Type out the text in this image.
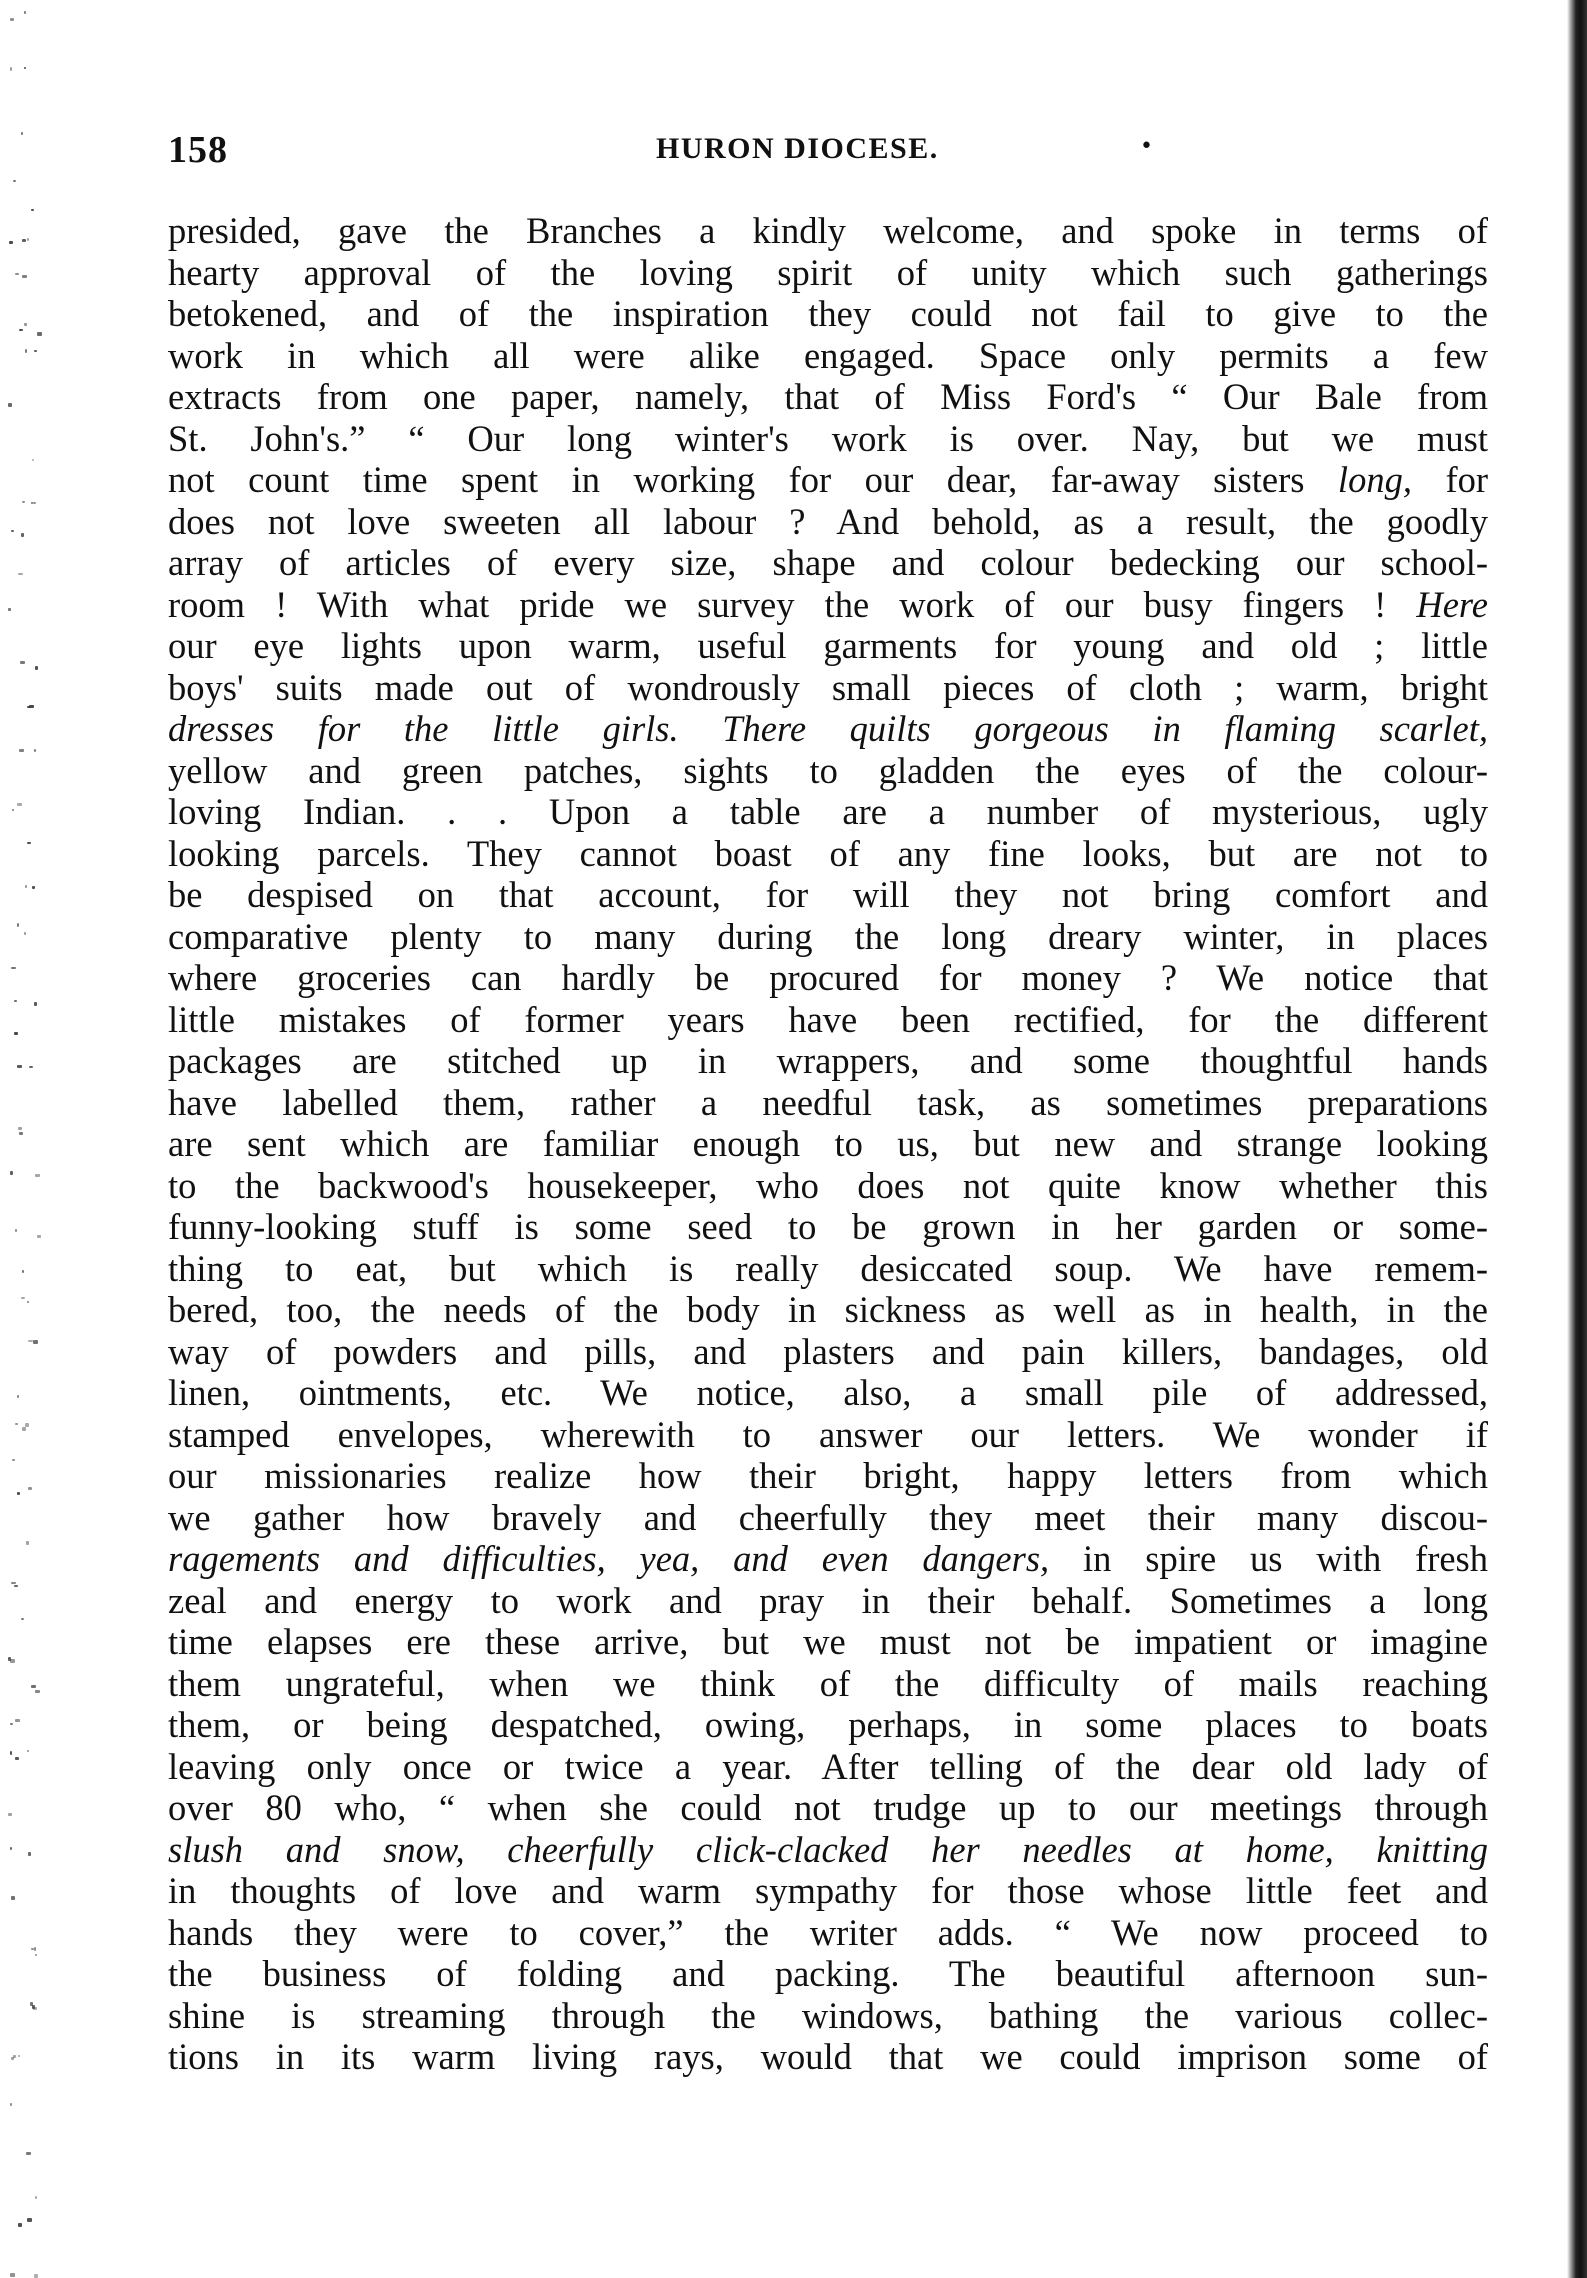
158	HURON DIOCESE.	•
presided, gave the Branches a kindly welcome, and spoke in terms of
hearty approval of the loving spirit of unity which such gatherings
betokened, and of the inspiration they could not fail to give to the
work in which all were alike engaged. Space only permits a few
extracts from one paper, namely, that of Miss Ford's “ Our Bale from
St. John's.” “ Our long winter's work is over. Nay, but we must
not count time spent in working for our dear, far-away sisters long, for
does not love sweeten all labour ? And behold, as a result, the goodly
array of articles of every size, shape and colour bedecking our school-
room ! With what pride we survey the work of our busy fingers ! Here
our eye lights upon warm, useful garments for young and old ; little
boys' suits made out of wondrously small pieces of cloth ; warm, bright
dresses for the little girls. There quilts gorgeous in flaming scarlet,
yellow and green patches, sights to gladden the eyes of the colour-
loving Indian. . . Upon a table are a number of mysterious, ugly
looking parcels. They cannot boast of any fine looks, but are not to
be despised on that account, for will they not bring comfort and
comparative plenty to many during the long dreary winter, in places
where groceries can hardly be procured for money ? We notice that
little mistakes of former years have been rectified, for the different
packages are stitched up in wrappers, and some thoughtful hands
have labelled them, rather a needful task, as sometimes preparations
are sent which are familiar enough to us, but new and strange looking
to the backwood's housekeeper, who does not quite know whether this
funny-looking stuff is some seed to be grown in her garden or some-
thing to eat, but which is really desiccated soup. We have remem-
bered, too, the needs of the body in sickness as well as in health, in the
way of powders and pills, and plasters and pain killers, bandages, old
linen, ointments, etc. We notice, also, a small pile of addressed,
stamped envelopes, wherewith to answer our letters. We wonder if
our missionaries realize how their bright, happy letters from which
we gather how bravely and cheerfully they meet their many discou-
ragements and difficulties, yea, and even dangers, in spire us with fresh
zeal and energy to work and pray in their behalf. Sometimes a long
time elapses ere these arrive, but we must not be impatient or imagine
them ungrateful, when we think of the difficulty of mails reaching
them, or being despatched, owing, perhaps, in some places to boats
leaving only once or twice a year. After telling of the dear old lady of
over 80 who, “ when she could not trudge up to our meetings through
slush and snow, cheerfully click-clacked her needles at home, knitting
in thoughts of love and warm sympathy for those whose little feet and
hands they were to cover,” the writer adds. “ We now proceed to
the business of folding and packing. The beautiful afternoon sun-
shine is streaming through the windows, bathing the various collec-
tions in its warm living rays, would that we could imprison some of
